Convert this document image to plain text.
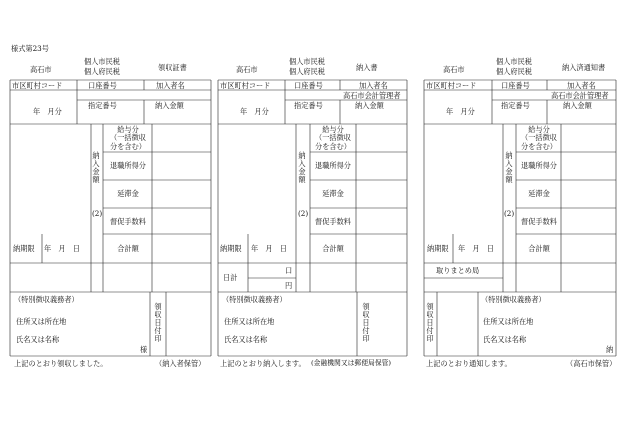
様式第23号
高石市
個人市民税
個人府民税	領収証書
市区町村コード	口座番号	加入者名
指定番号	納入金額
年　月分
納
入
金
額
(2)
給与分
（一括徴収
分を含む）
退職所得分
延滞金
督促手数料
合計額
納期限　 年　月　日
（特別徴収義務者）
住所又は所在地
氏名又は名称
様
領
収
日
付
印
上記のとおり領収しました。	（納入者保管）
高石市
個人市民税
個人府民税	納入書
市区町村コード	口座番号	加入者名
高石市会計管理者
指定番号	納入金額
年　月分
納
入
金
額
(2)
給与分
（一括徴収
分を含む）
退職所得分
延滞金
督促手数料
合計額
納期限　 年　月　日
日計
口
円
（特別徴収義務者）
住所又は所在地
氏名又は名称
領
収
日
付
印
上記のとおり納入します。 (金融機関又は郵便局保管)
高石市
個人市民税
個人府民税	納入済通知書
市区町村コード	口座番号	加入者名
高石市会計管理者
指定番号	納入金額
年　月分
納
入
金
額
(2)
給与分
（一括徴収
分を含む）
退職所得分
延滞金
督促手数料
合計額
納期限　 年　月　日
取りまとめ局
領
収
日
付
印
（特別徴収義務者）
住所又は所在地
氏名又は名称
納
上記のとおり通知します。	（高石市保管）
